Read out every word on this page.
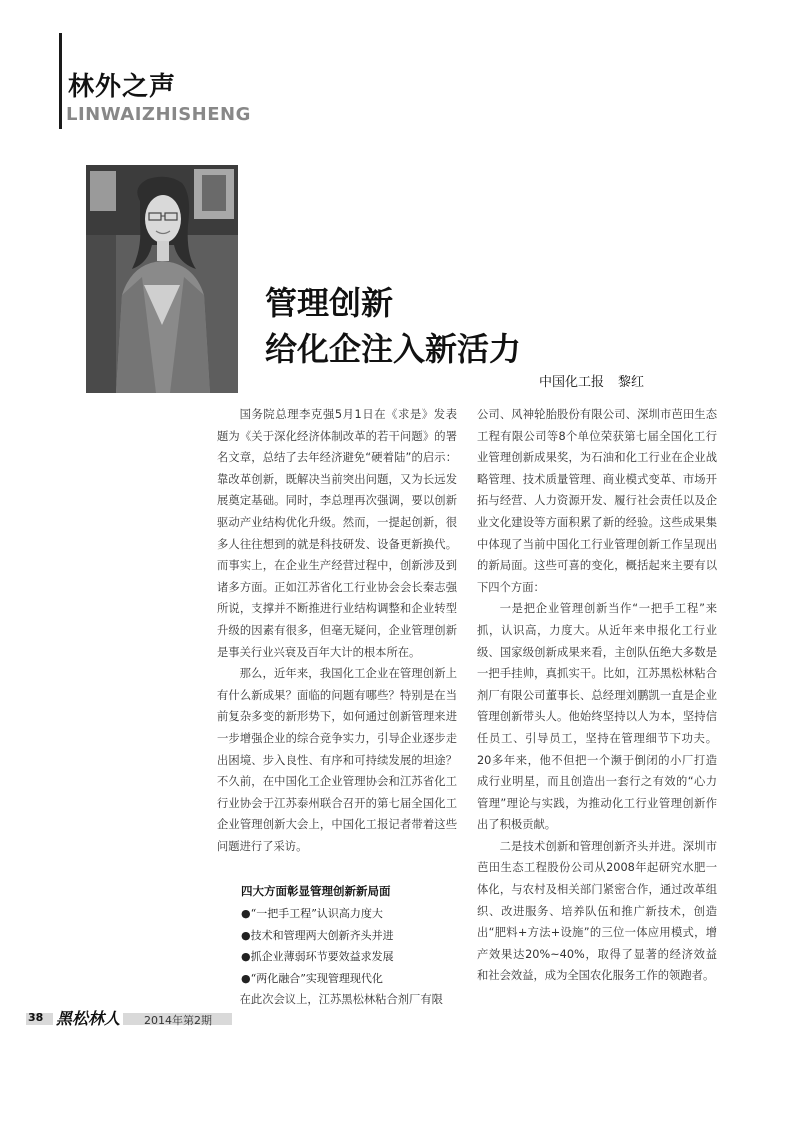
林外之声
LINWAIZHISHENG
管理创新
给化企注入新活力
中国化工报 黎红

国务院总理李克强5月1日在《求是》发表题为《关于深化经济体制改革的若干问题》的署名文章，总结了去年经济避免“硬着陆”的启示：靠改革创新，既解决当前突出问题，又为长远发展奠定基础。同时，李总理再次强调，要以创新驱动产业结构优化升级。然而，一提起创新，很多人往往想到的就是科技研发、设备更新换代。而事实上，在企业生产经营过程中，创新涉及到诸多方面。正如江苏省化工行业协会会长秦志强所说，支撑并不断推进行业结构调整和企业转型升级的因素有很多，但毫无疑问，企业管理创新是事关行业兴衰及百年大计的根本所在。

那么，近年来，我国化工企业在管理创新上有什么新成果？面临的问题有哪些？特别是在当前复杂多变的新形势下，如何通过创新管理来进一步增强企业的综合竞争实力，引导企业逐步走出困境、步入良性、有序和可持续发展的坦途？不久前，在中国化工企业管理协会和江苏省化工行业协会于江苏泰州联合召开的第七届全国化工企业管理创新大会上，中国化工报记者带着这些问题进行了采访。

四大方面彰显管理创新新局面
●“一把手工程”认识高力度大
●技术和管理两大创新齐头并进
●抓企业薄弱环节要效益求发展
●“两化融合”实现管理现代化

在此次会议上，江苏黑松林粘合剂厂有限

公司、风神轮胎股份有限公司、深圳市芭田生态工程有限公司等8个单位荣获第七届全国化工行业管理创新成果奖，为石油和化工行业在企业战略管理、技术质量管理、商业模式变革、市场开拓与经营、人力资源开发、履行社会责任以及企业文化建设等方面积累了新的经验。这些成果集中体现了当前中国化工行业管理创新工作呈现出的新局面。这些可喜的变化，概括起来主要有以下四个方面：

一是把企业管理创新当作“一把手工程”来抓，认识高，力度大。从近年来申报化工行业级、国家级创新成果来看，主创队伍绝大多数是一把手挂帅，真抓实干。比如，江苏黑松林粘合剂厂有限公司董事长、总经理刘鹏凯一直是企业管理创新带头人。他始终坚持以人为本，坚持信任员工、引导员工，坚持在管理细节下功夫。20多年来，他不但把一个濒于倒闭的小厂打造成行业明星，而且创造出一套行之有效的“心力管理”理论与实践，为推动化工行业管理创新作出了积极贡献。

二是技术创新和管理创新齐头并进。深圳市芭田生态工程股份公司从2008年起研究水肥一体化，与农村及相关部门紧密合作，通过改革组织、改进服务、培养队伍和推广新技术，创造出“肥料+方法+设施”的三位一体应用模式，增产效果达20%~40%，取得了显著的经济效益和社会效益，成为全国农化服务工作的领跑者。

38 黑松林人 2014年第2期
